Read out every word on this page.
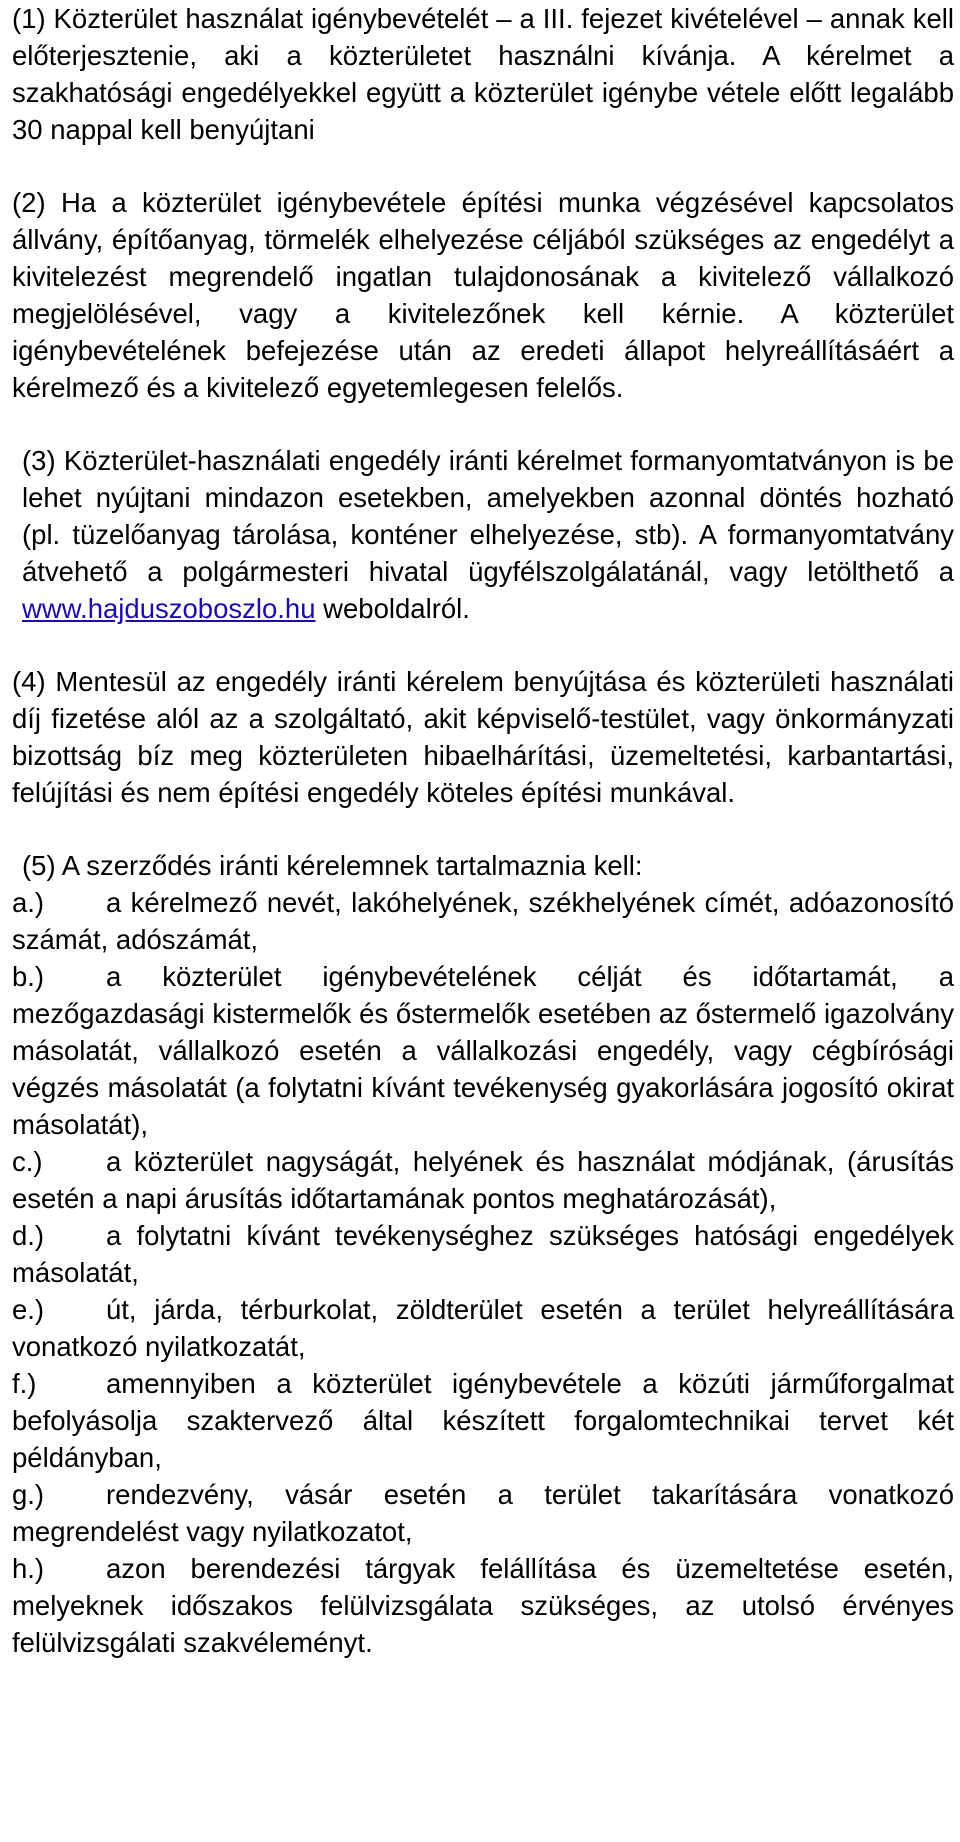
(1) Közterület használat igénybevételét – a III. fejezet kivételével – annak kell előterjesztenie, aki a közterületet használni kívánja. A kérelmet a szakhatósági engedélyekkel együtt a közterület igénybe vétele előtt legalább 30 nappal kell benyújtani

(2) Ha a közterület igénybevétele építési munka végzésével kapcsolatos állvány, építőanyag, törmelék elhelyezése céljából szükséges az engedélyt a kivitelezést megrendelő ingatlan tulajdonosának a kivitelező vállalkozó megjelölésével, vagy a kivitelezőnek kell kérnie. A közterület igénybevételének befejezése után az eredeti állapot helyreállításáért a kérelmező és a kivitelező egyetemlegesen felelős.

(3) Közterület-használati engedély iránti kérelmet formanyomtatványon is be lehet nyújtani mindazon esetekben, amelyekben azonnal döntés hozható (pl. tüzelőanyag tárolása, konténer elhelyezése, stb). A formanyomtatvány átvehető a polgármesteri hivatal ügyfélszolgálatánál, vagy letölthető a www.hajduszoboszlo.hu weboldalról.

(4) Mentesül az engedély iránti kérelem benyújtása és közterületi használati díj fizetése alól az a szolgáltató, akit képviselő-testület, vagy önkormányzati bizottság bíz meg közterületen hibaelhárítási, üzemeltetési, karbantartási, felújítási és nem építési engedély köteles építési munkával.

(5) A szerződés iránti kérelemnek tartalmaznia kell:

a.) a kérelmező nevét, lakóhelyének, székhelyének címét, adóazonosító számát, adószámát,

b.) a közterület igénybevételének célját és időtartamát, a mezőgazdasági kistermelők és őstermelők esetében az őstermelő igazolvány másolatát, vállalkozó esetén a vállalkozási engedély, vagy cégbírósági végzés másolatát (a folytatni kívánt tevékenység gyakorlására jogosító okirat másolatát),

c.) a közterület nagyságát, helyének és használat módjának, (árusítás esetén a napi árusítás időtartamának pontos meghatározását),

d.) a folytatni kívánt tevékenységhez szükséges hatósági engedélyek másolatát,

e.) út, járda, térburkolat, zöldterület esetén a terület helyreállítására vonatkozó nyilatkozatát,

f.)	amennyiben a közterület igénybevétele a közúti járműforgalmat befolyásolja szaktervező által készített forgalomtechnikai tervet két példányban,

g.) rendezvény, vásár esetén a terület takarítására vonatkozó megrendelést vagy nyilatkozatot,

h.) azon berendezési tárgyak felállítása és üzemeltetése esetén, melyeknek időszakos felülvizsgálata szükséges, az utolsó érvényes felülvizsgálati szakvéleményt.
